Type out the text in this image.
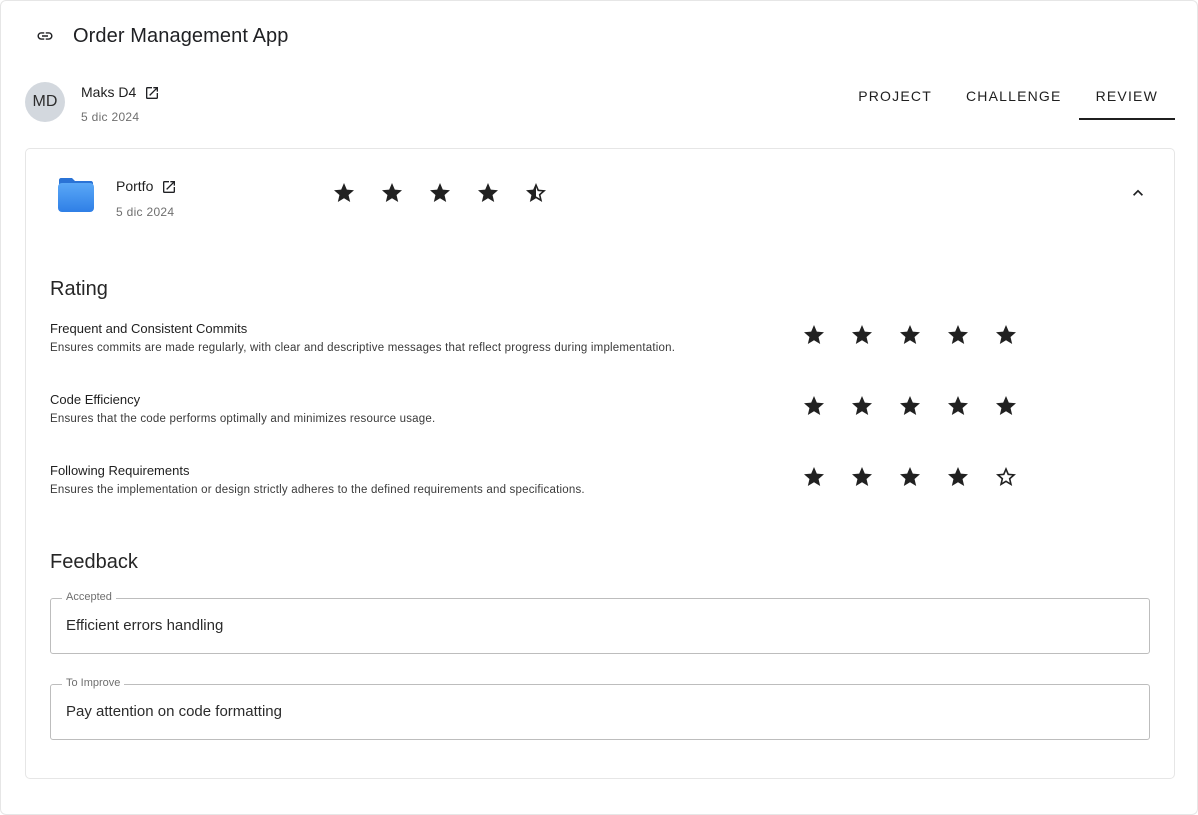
Order Management App
MD
Maks D4
5 dic 2024
PROJECT	CHALLENGE	REVIEW
Portfo
5 dic 2024
Rating
Frequent and Consistent Commits
Ensures commits are made regularly, with clear and descriptive messages that reflect progress during implementation.
Code Efficiency
Ensures that the code performs optimally and minimizes resource usage.
Following Requirements
Ensures the implementation or design strictly adheres to the defined requirements and specifications.
Feedback
Accepted
Efficient errors handling
To Improve
Pay attention on code formatting
